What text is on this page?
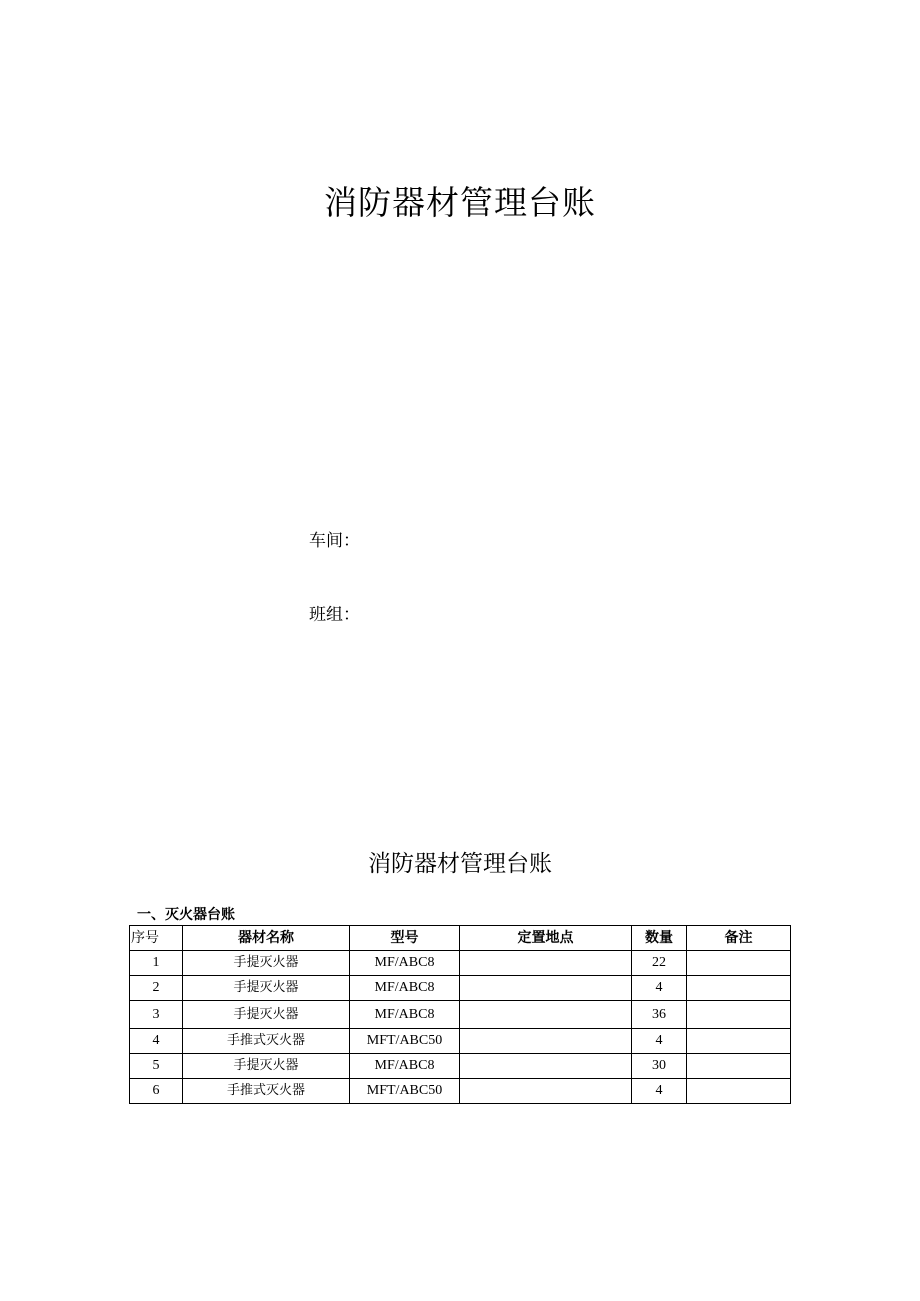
消防器材管理台账
车间：
班组：
消防器材管理台账
一、灭火器台账
序号	器材名称	型号	定置地点	数量	备注
1	手提灭火器	MF/ABC8		22	
2	手提灭火器	MF/ABC8		4	
3	手提灭火器	MF/ABC8		36	
4	手推式灭火器	MFT/ABC50		4	
5	手提灭火器	MF/ABC8		30	
6	手推式灭火器	MFT/ABC50		4	
